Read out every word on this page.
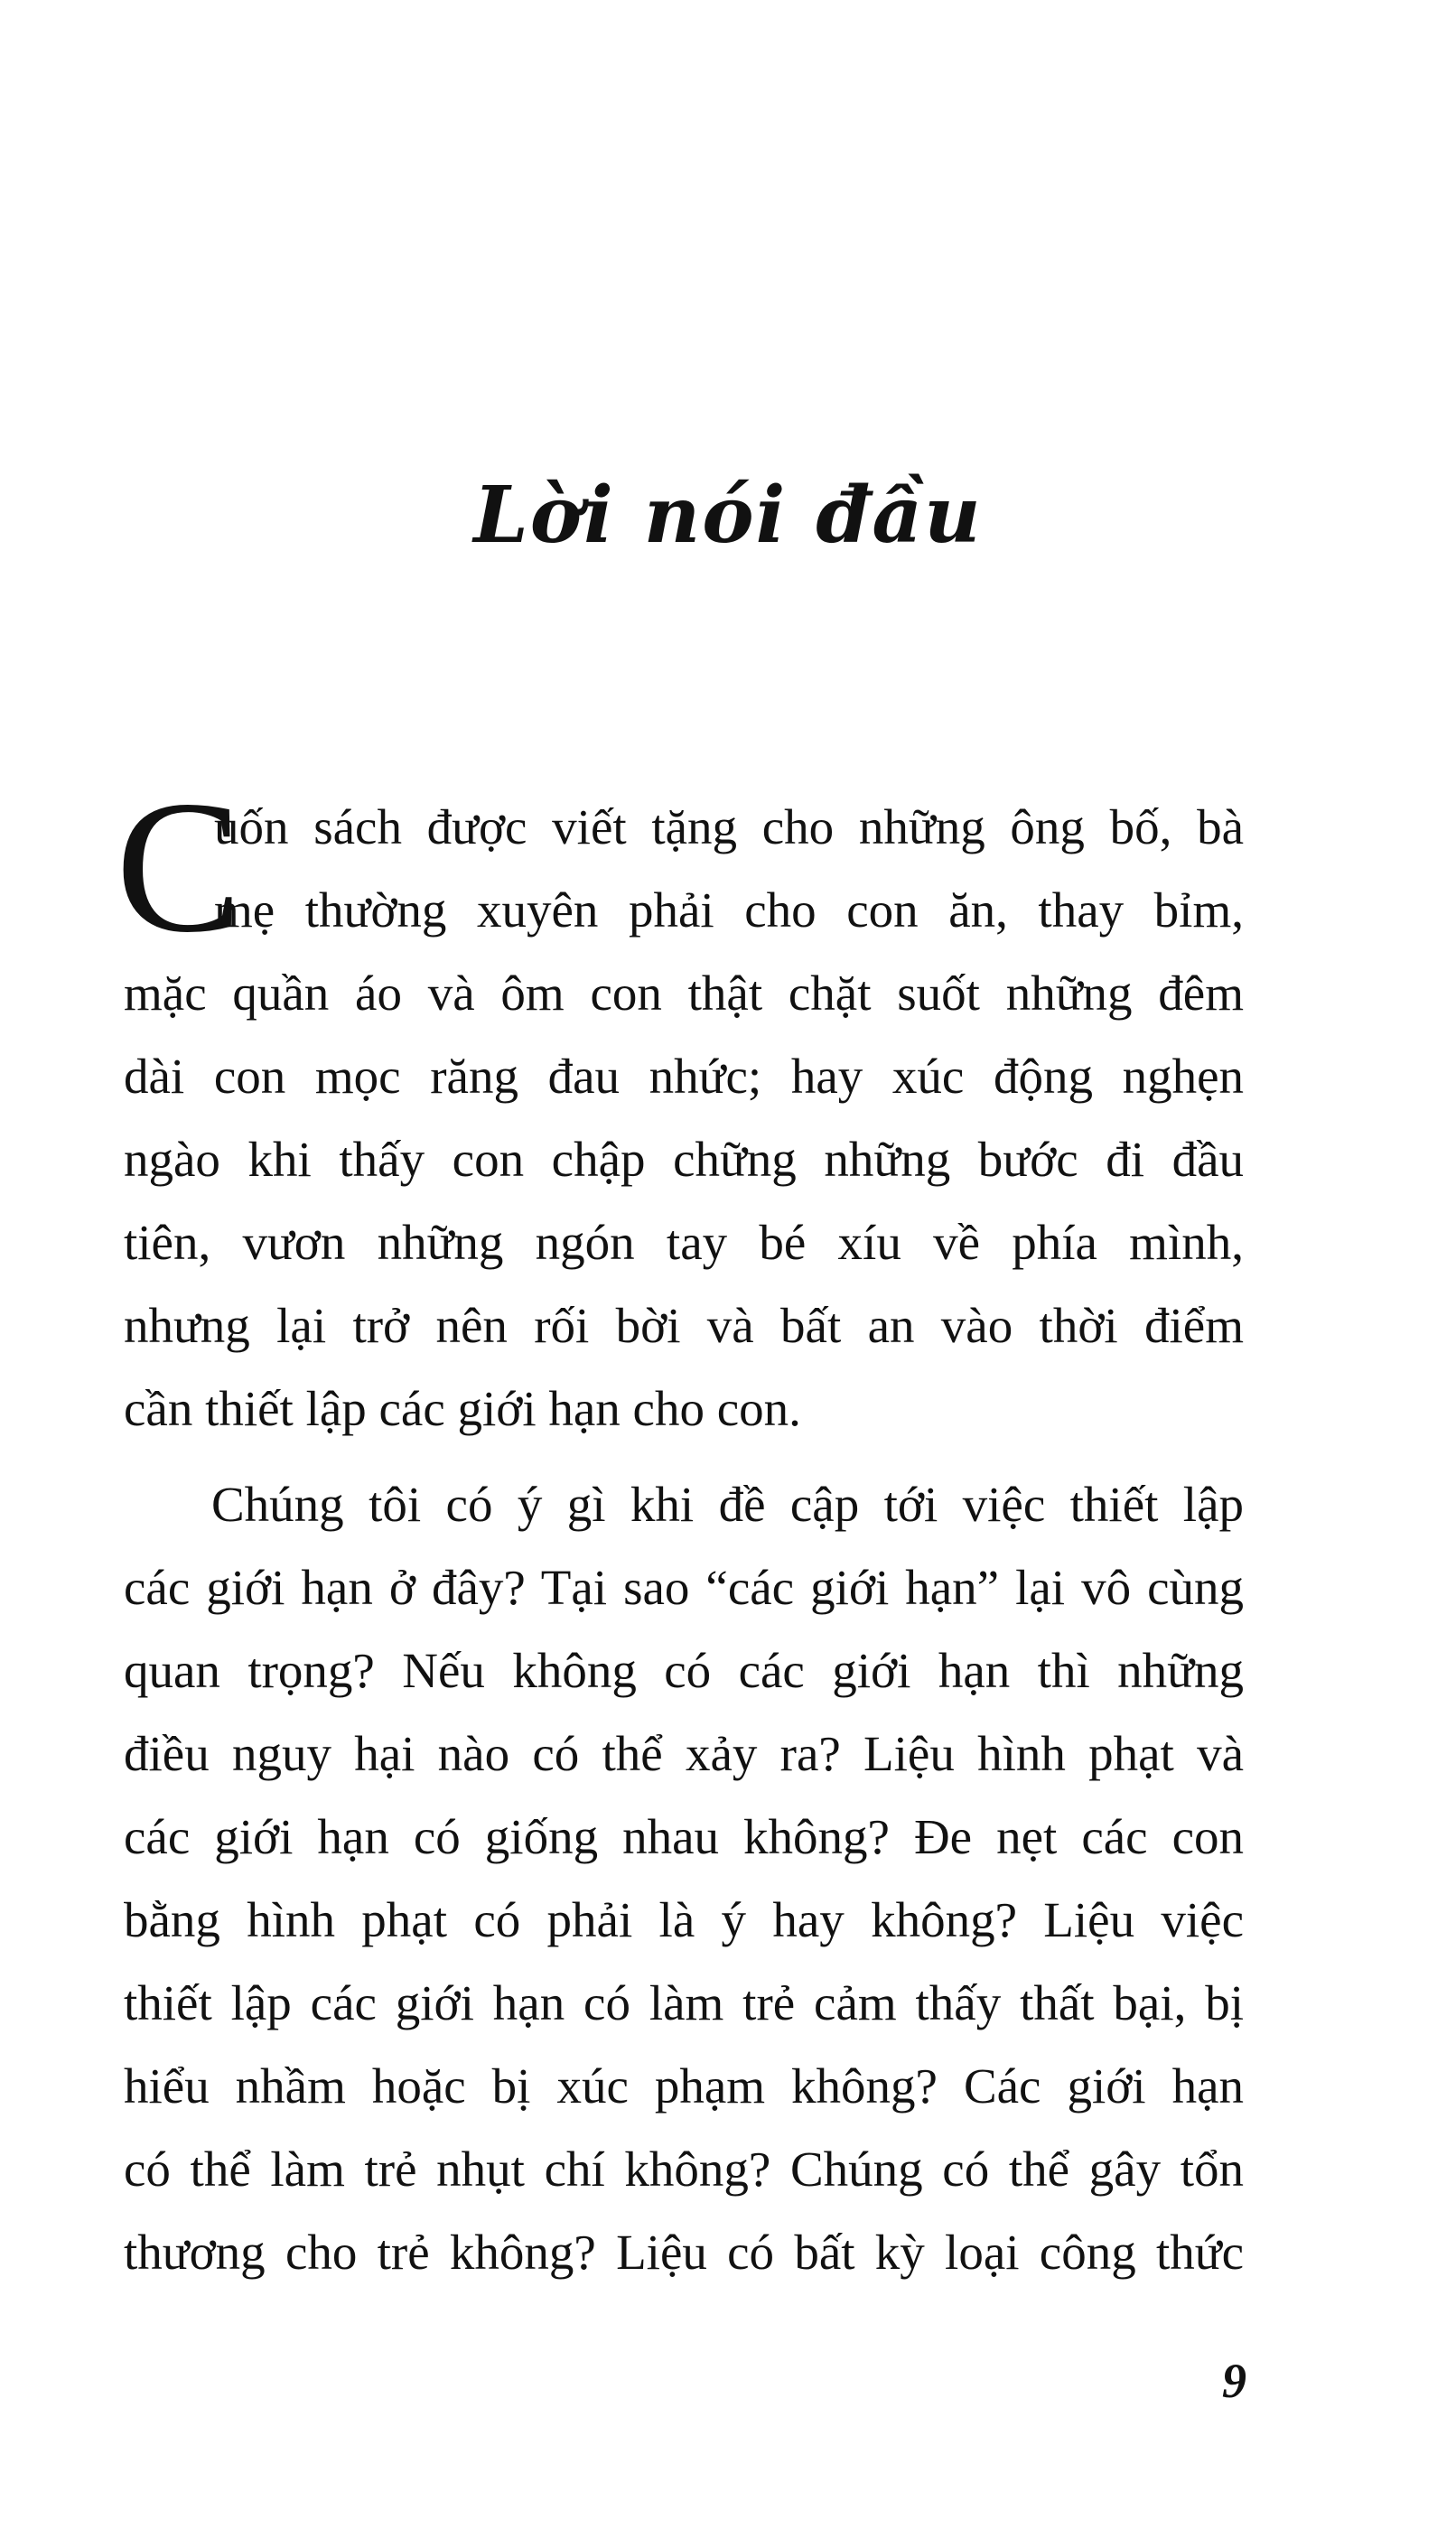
Lời nói đầu
C
uốn sách được viết tặng cho những ông bố, bà
mẹ thường xuyên phải cho con ăn, thay bỉm,
mặc quần áo và ôm con thật chặt suốt những đêm
dài con mọc răng đau nhức; hay xúc động nghẹn
ngào khi thấy con chập chững những bước đi đầu
tiên, vươn những ngón tay bé xíu về phía mình,
nhưng lại trở nên rối bời và bất an vào thời điểm
cần thiết lập các giới hạn cho con.
Chúng tôi có ý gì khi đề cập tới việc thiết lập
các giới hạn ở đây? Tại sao “các giới hạn” lại vô cùng
quan trọng? Nếu không có các giới hạn thì những
điều nguy hại nào có thể xảy ra? Liệu hình phạt và
các giới hạn có giống nhau không? Đe nẹt các con
bằng hình phạt có phải là ý hay không? Liệu việc
thiết lập các giới hạn có làm trẻ cảm thấy thất bại, bị
hiểu nhầm hoặc bị xúc phạm không? Các giới hạn
có thể làm trẻ nhụt chí không? Chúng có thể gây tổn
thương cho trẻ không? Liệu có bất kỳ loại công thức
9
